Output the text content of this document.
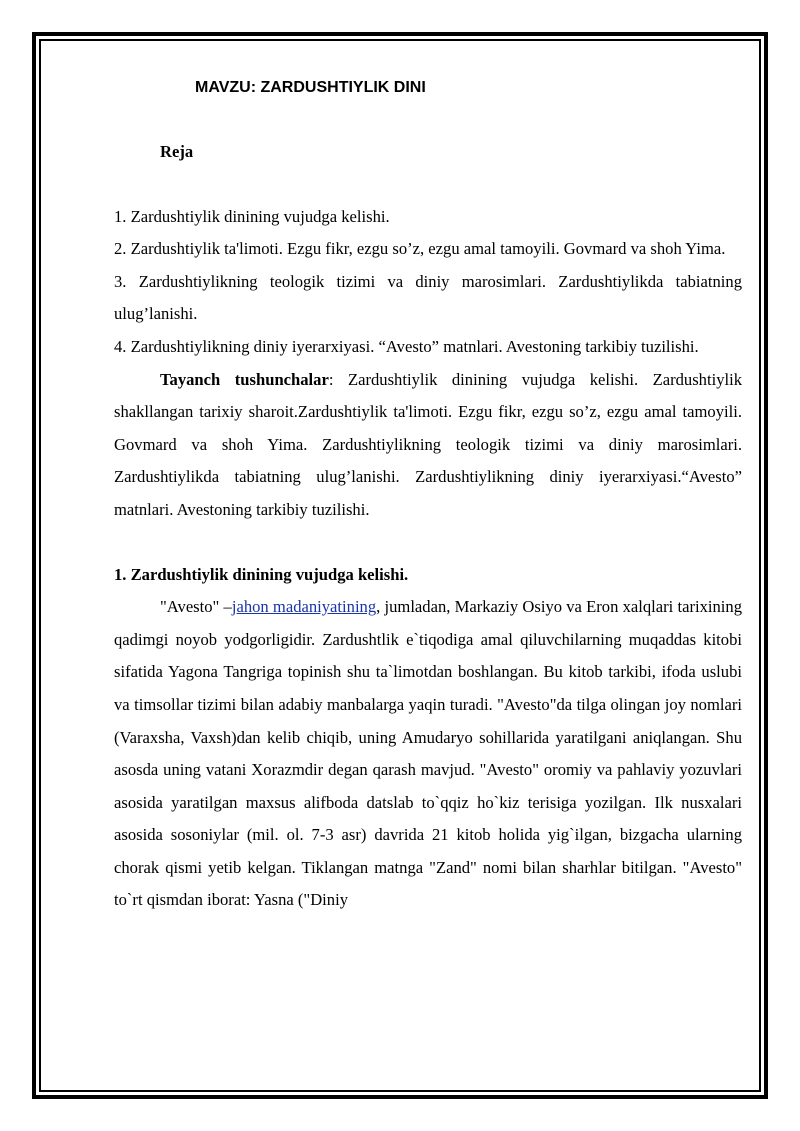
MAVZU: ZARDUSHTIYLIK DINI
Reja
1. Zardushtiylik dinining vujudga kelishi.
2. Zardushtiylik ta'limoti. Ezgu fikr, ezgu so’z, ezgu amal tamoyili. Govmard va shoh Yima.
3. Zardushtiylikning teologik tizimi va diniy marosimlari. Zardushtiylikda tabiatning ulug’lanishi.
4. Zardushtiylikning diniy iyerarxiyasi. “Avesto” matnlari. Avestoning tarkibiy tuzilishi.

Tayanch tushunchalar: Zardushtiylik dinining vujudga kelishi. Zardushtiylik shakllangan tarixiy sharoit.Zardushtiylik ta'limoti. Ezgu fikr, ezgu so’z, ezgu amal tamoyili. Govmard va shoh Yima. Zardushtiylikning teologik tizimi va diniy marosimlari. Zardushtiylikda tabiatning ulug’lanishi. Zardushtiylikning diniy iyerarxiyasi.“Avesto” matnlari. Avestoning tarkibiy tuzilishi.

1. Zardushtiylik dinining vujudga kelishi.

"Avesto" –jahon madaniyatining, jumladan, Markaziy Osiyo va Eron xalqlari tarixining qadimgi noyob yodgorligidir. Zardushtlik e`tiqodiga amal qiluvchilarning muqaddas kitobi sifatida Yagona Tangriga topinish shu ta`limotdan boshlangan. Bu kitob tarkibi, ifoda uslubi va timsollar tizimi bilan adabiy manbalarga yaqin turadi. "Avesto"da tilga olingan joy nomlari (Varaxsha, Vaxsh)dan kelib chiqib, uning Amudaryo sohillarida yaratilgani aniqlangan. Shu asosda uning vatani Xorazmdir degan qarash mavjud. "Avesto" oromiy va pahlaviy yozuvlari asosida yaratilgan maxsus alifboda datslab to`qqiz ho`kiz terisiga yozilgan. Ilk nusxalari asosida sosoniylar (mil. ol. 7-3 asr) davrida 21 kitob holida yig`ilgan, bizgacha ularning chorak qismi yetib kelgan. Tiklangan matnga "Zand" nomi bilan sharhlar bitilgan. "Avesto" to`rt qismdan iborat: Yasna ("Diniy
